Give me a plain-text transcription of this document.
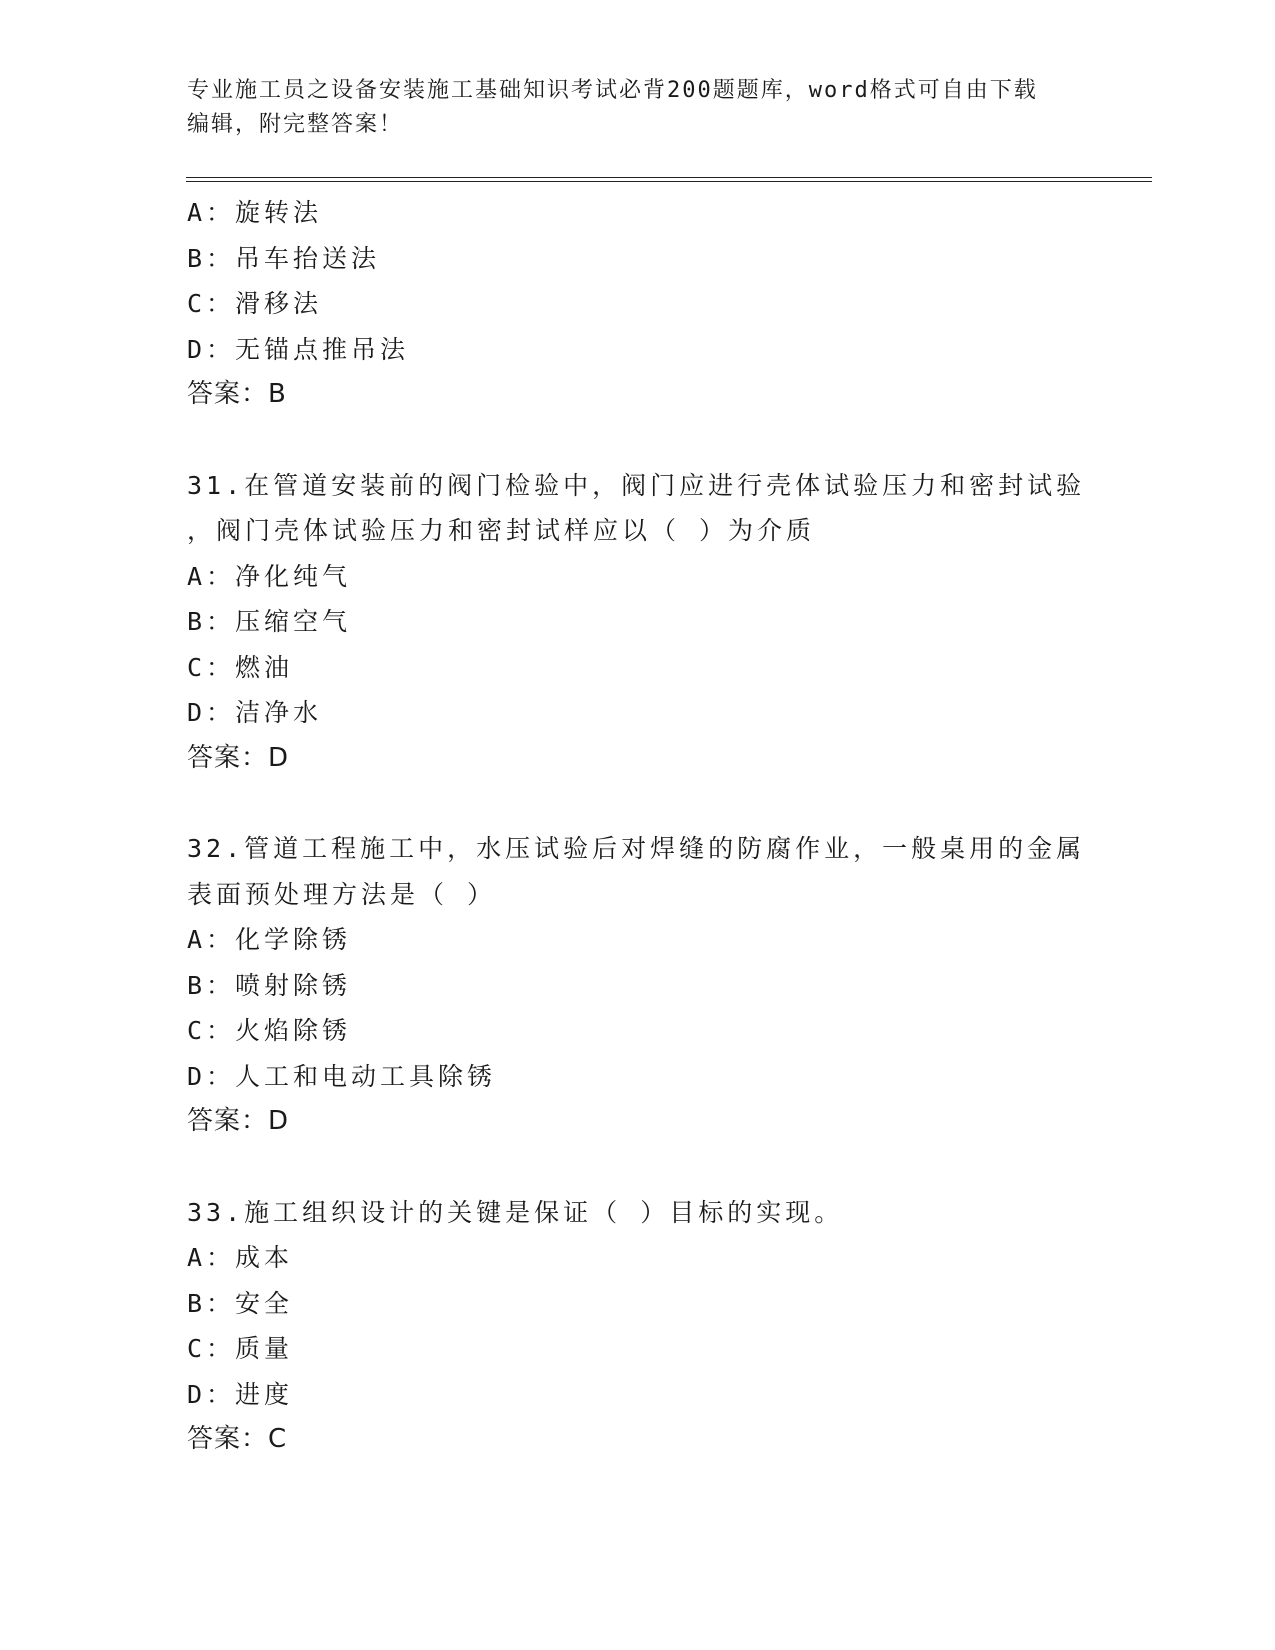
专业施工员之设备安装施工基础知识考试必背200题题库，word格式可自由下载
编辑，附完整答案！
A：旋转法
B：吊车抬送法
C：滑移法
D：无锚点推吊法
答案：B
31.在管道安装前的阀门检验中，阀门应进行壳体试验压力和密封试验
，阀门壳体试验压力和密封试样应以（ ）为介质
A：净化纯气
B：压缩空气
C：燃油
D：洁净水
答案：D
32.管道工程施工中，水压试验后对焊缝的防腐作业，一般桌用的金属
表面预处理方法是（ ）
A：化学除锈
B：喷射除锈
C：火焰除锈
D：人工和电动工具除锈
答案：D
33.施工组织设计的关键是保证（ ）目标的实现。
A：成本
B：安全
C：质量
D：进度
答案：C
